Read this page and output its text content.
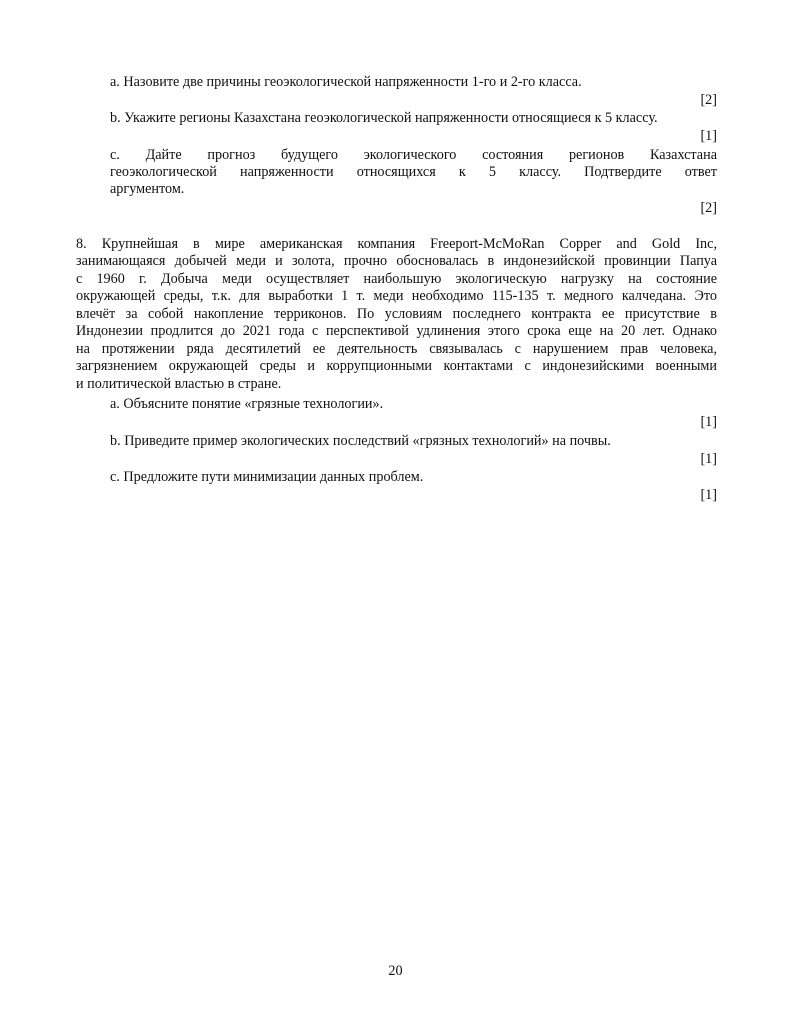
a. Назовите две причины геоэкологической напряженности 1-го и 2-го класса.
[2]
b. Укажите регионы Казахстана геоэкологической напряженности относящиеся к 5 классу.
[1]
c. Дайте прогноз будущего экологического состояния регионов Казахстана
геоэкологической напряженности относящихся к 5 классу. Подтвердите ответ
аргументом.
[2]
8. Крупнейшая в мире американская компания Freeport-McMoRan Copper and Gold Inc,
занимающаяся добычей меди и золота, прочно обосновалась в индонезийской провинции Папуа
с 1960 г. Добыча меди осуществляет наибольшую экологическую нагрузку на состояние
окружающей среды, т.к. для выработки 1 т. меди необходимо 115-135 т. медного калчедана. Это
влечёт за собой накопление терриконов. По условиям последнего контракта ее присутствие в
Индонезии продлится до 2021 года с перспективой удлинения этого срока еще на 20 лет. Однако
на протяжении ряда десятилетий ее деятельность связывалась с нарушением прав человека,
загрязнением окружающей среды и коррупционными контактами с индонезийскими военными
и политической властью в стране.
a. Объясните понятие «грязные технологии».
[1]
b. Приведите пример экологических последствий «грязных технологий» на почвы.
[1]
c. Предложите пути минимизации данных проблем.
[1]
20
